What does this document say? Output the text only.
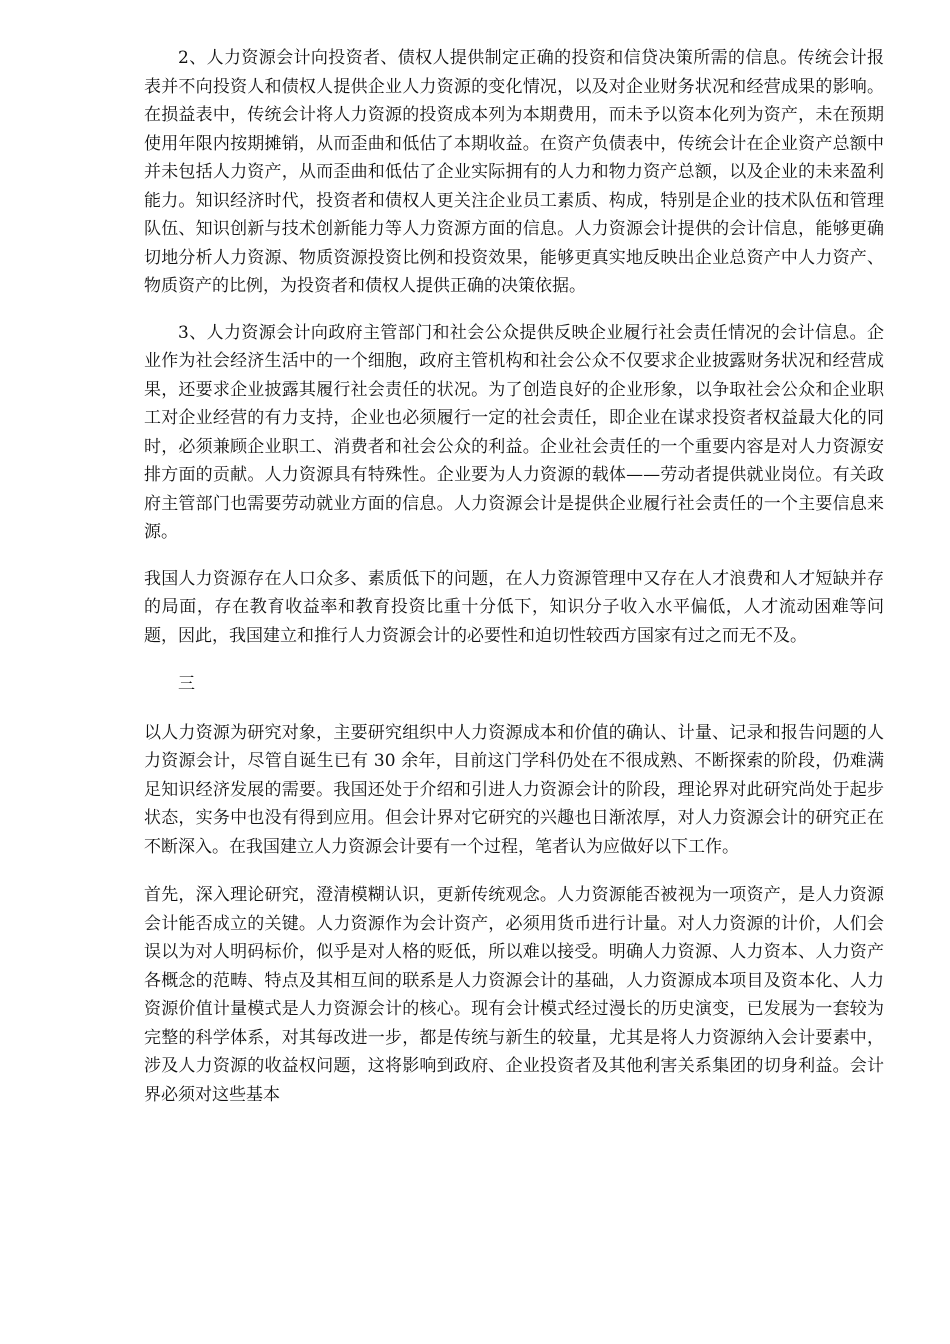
2、人力资源会计向投资者、债权人提供制定正确的投资和信贷决策所需的信息。传统会计报表并不向投资人和债权人提供企业人力资源的变化情况，以及对企业财务状况和经营成果的影响。在损益表中，传统会计将人力资源的投资成本列为本期费用，而未予以资本化列为资产，未在预期使用年限内按期摊销，从而歪曲和低估了本期收益。在资产负债表中，传统会计在企业资产总额中并未包括人力资产，从而歪曲和低估了企业实际拥有的人力和物力资产总额，以及企业的未来盈利能力。知识经济时代，投资者和债权人更关注企业员工素质、构成，特别是企业的技术队伍和管理队伍、知识创新与技术创新能力等人力资源方面的信息。人力资源会计提供的会计信息，能够更确切地分析人力资源、物质资源投资比例和投资效果，能够更真实地反映出企业总资产中人力资产、物质资产的比例，为投资者和债权人提供正确的决策依据。

3、人力资源会计向政府主管部门和社会公众提供反映企业履行社会责任情况的会计信息。企业作为社会经济生活中的一个细胞，政府主管机构和社会公众不仅要求企业披露财务状况和经营成果，还要求企业披露其履行社会责任的状况。为了创造良好的企业形象，以争取社会公众和企业职工对企业经营的有力支持，企业也必须履行一定的社会责任，即企业在谋求投资者权益最大化的同时，必须兼顾企业职工、消费者和社会公众的利益。企业社会责任的一个重要内容是对人力资源安排方面的贡献。人力资源具有特殊性。企业要为人力资源的载体——劳动者提供就业岗位。有关政府主管部门也需要劳动就业方面的信息。人力资源会计是提供企业履行社会责任的一个主要信息来源。

我国人力资源存在人口众多、素质低下的问题，在人力资源管理中又存在人才浪费和人才短缺并存的局面，存在教育收益率和教育投资比重十分低下，知识分子收入水平偏低，人才流动困难等问题，因此，我国建立和推行人力资源会计的必要性和迫切性较西方国家有过之而无不及。

三

以人力资源为研究对象，主要研究组织中人力资源成本和价值的确认、计量、记录和报告问题的人力资源会计，尽管自诞生已有 30 余年，目前这门学科仍处在不很成熟、不断探索的阶段，仍难满足知识经济发展的需要。我国还处于介绍和引进人力资源会计的阶段，理论界对此研究尚处于起步状态，实务中也没有得到应用。但会计界对它研究的兴趣也日渐浓厚，对人力资源会计的研究正在不断深入。在我国建立人力资源会计要有一个过程，笔者认为应做好以下工作。

首先，深入理论研究，澄清模糊认识，更新传统观念。人力资源能否被视为一项资产，是人力资源会计能否成立的关键。人力资源作为会计资产，必须用货币进行计量。对人力资源的计价，人们会误以为对人明码标价，似乎是对人格的贬低，所以难以接受。明确人力资源、人力资本、人力资产各概念的范畴、特点及其相互间的联系是人力资源会计的基础，人力资源成本项目及资本化、人力资源价值计量模式是人力资源会计的核心。现有会计模式经过漫长的历史演变，已发展为一套较为完整的科学体系，对其每改进一步，都是传统与新生的较量，尤其是将人力资源纳入会计要素中，涉及人力资源的收益权问题，这将影响到政府、企业投资者及其他利害关系集团的切身利益。会计界必须对这些基本
